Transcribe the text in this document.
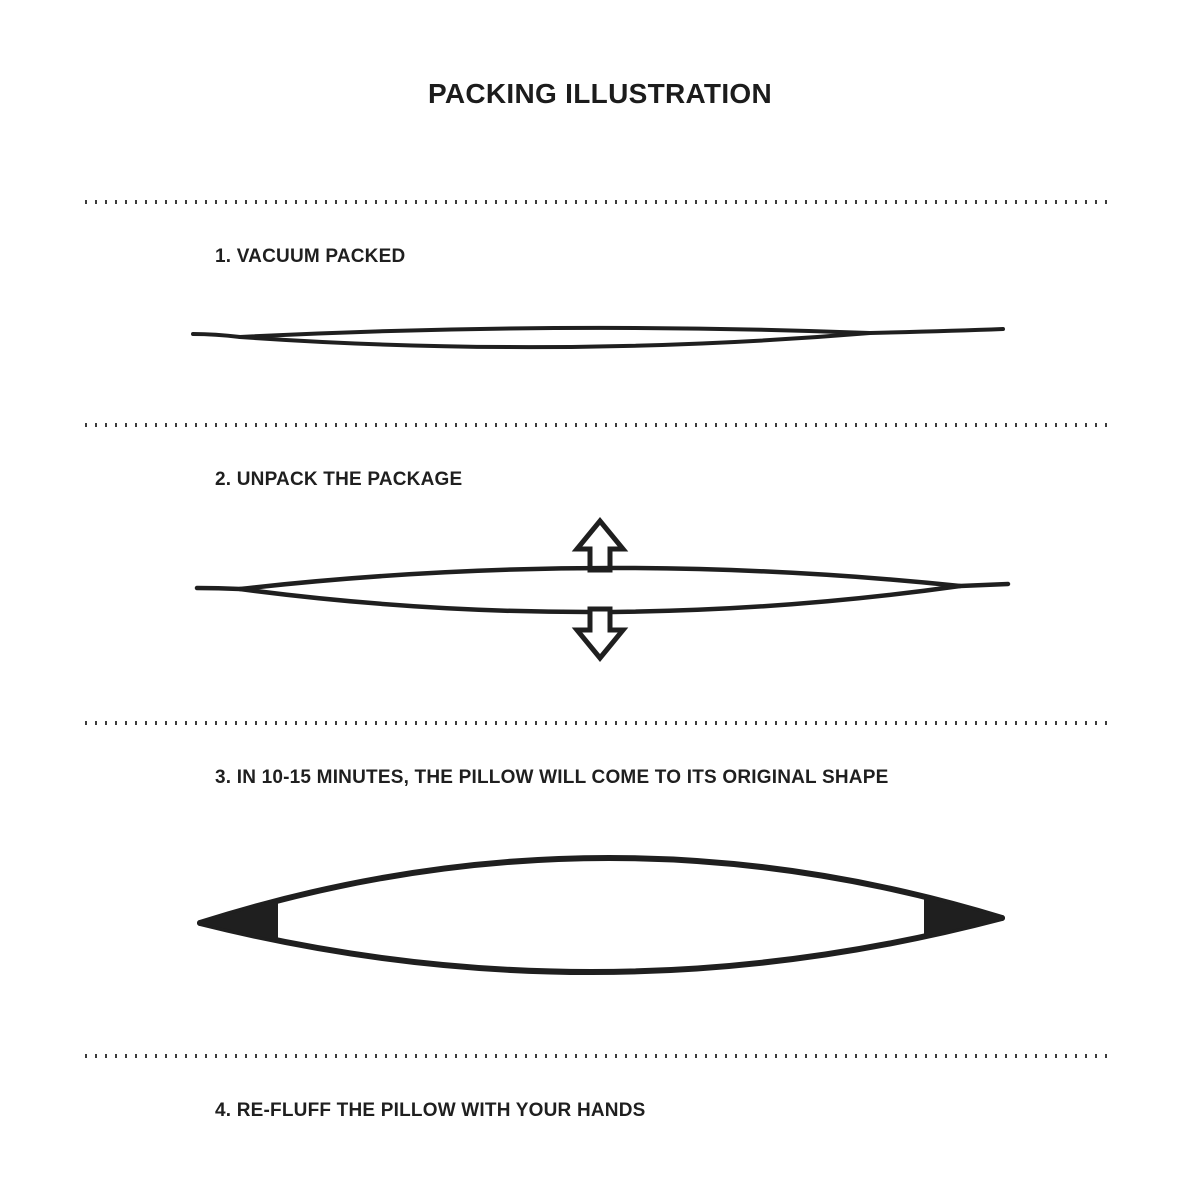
PACKING ILLUSTRATION
1. VACUUM PACKED
2. UNPACK THE PACKAGE
3. IN 10-15 MINUTES, THE PILLOW WILL COME TO ITS ORIGINAL SHAPE
4. RE-FLUFF THE PILLOW WITH YOUR HANDS
